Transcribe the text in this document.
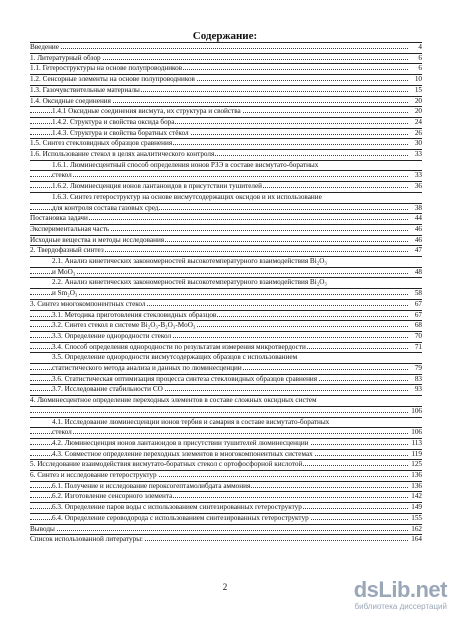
Содержание:
Введение	4
1. Литературный обзор	6
1.1. Гетероструктуры на основе полупроводников	6
1.2. Сенсорные элементы на основе полупроводников	10
1.3. Газочувствительные материалы	15
1.4. Оксидные соединения	20
1.4.1 Оксидные соединения висмута, их структура и свойства	20
1.4.2. Структура и свойства оксида бора	24
1.4.3. Структура и свойства боратных стёкол	26
1.5. Синтез стекловидных образцов сравнения	30
1.6. Использование стекол в целях аналитического контроля	33
1.6.1. Люминесцентный способ определения ионов РЗЭ в составе висмутато-боратных
стекол	33
1.6.2. Люминесценция ионов лантаноидов в присутствии тушителей	36
1.6.3. Синтез гетероструктур на основе висмутсодержащих оксидов и их использование
для контроля состава газовых сред	38
Постановка задачи	44
Экспериментальная часть	46
Исходные вещества и методы исследования	46
2. Твердофазный синтез	47
2.1. Анализ кинетических закономерностей высокотемпературного взаимодействия Bi₂O₃
и MoO₃	48
2.2. Анализ кинетических закономерностей высокотемпературного взаимодействия Bi₂O₃
и Sm₂O₃	58
3. Синтез многокомпонентных стекол	67
3.1. Методика приготовления стекловидных образцов	67
3.2. Синтез стекол в системе Bi₂O₃-B₂O₃-MoO₃	68
3.3. Определение однородности стекол	70
3.4. Способ определения однородности по результатам измерения микротвердости	71
3.5. Определение однородности висмутсодержащих образцов с использованием
статистического метода анализа и данных по люминесценции	79
3.6. Статистическая оптимизация процесса синтеза стекловидных образцов сравнения	83
3.7. Исследование стабильности СО	93
4. Люминесцентное определение переходных элементов в составе сложных оксидных систем
106
4.1. Исследование люминесценции ионов тербия и самария в составе висмутато-боратных
стекол	106
4.2. Люминесценция ионов лантаноидов в присутствии тушителей люминесценции	113
4.3. Совместное определение переходных элементов в многокомпонентных системах	119
5. Исследование взаимодействия висмутато-боратных стекол с ортофосфорной кислотой	125
6. Синтез и исследование гетероструктур	136
6.1. Получение и исследование пероксогептамолибдата аммония	136
6.2. Изготовление сенсорного элемента	142
6.3. Определение паров воды с использованием синтезированных гетероструктур	149
6.4. Определение сероводорода с использованием синтезированных гетероструктур	155
Выводы	162
Список использованной литературы:	164
2	dsLib.net
библиотека диссертаций
